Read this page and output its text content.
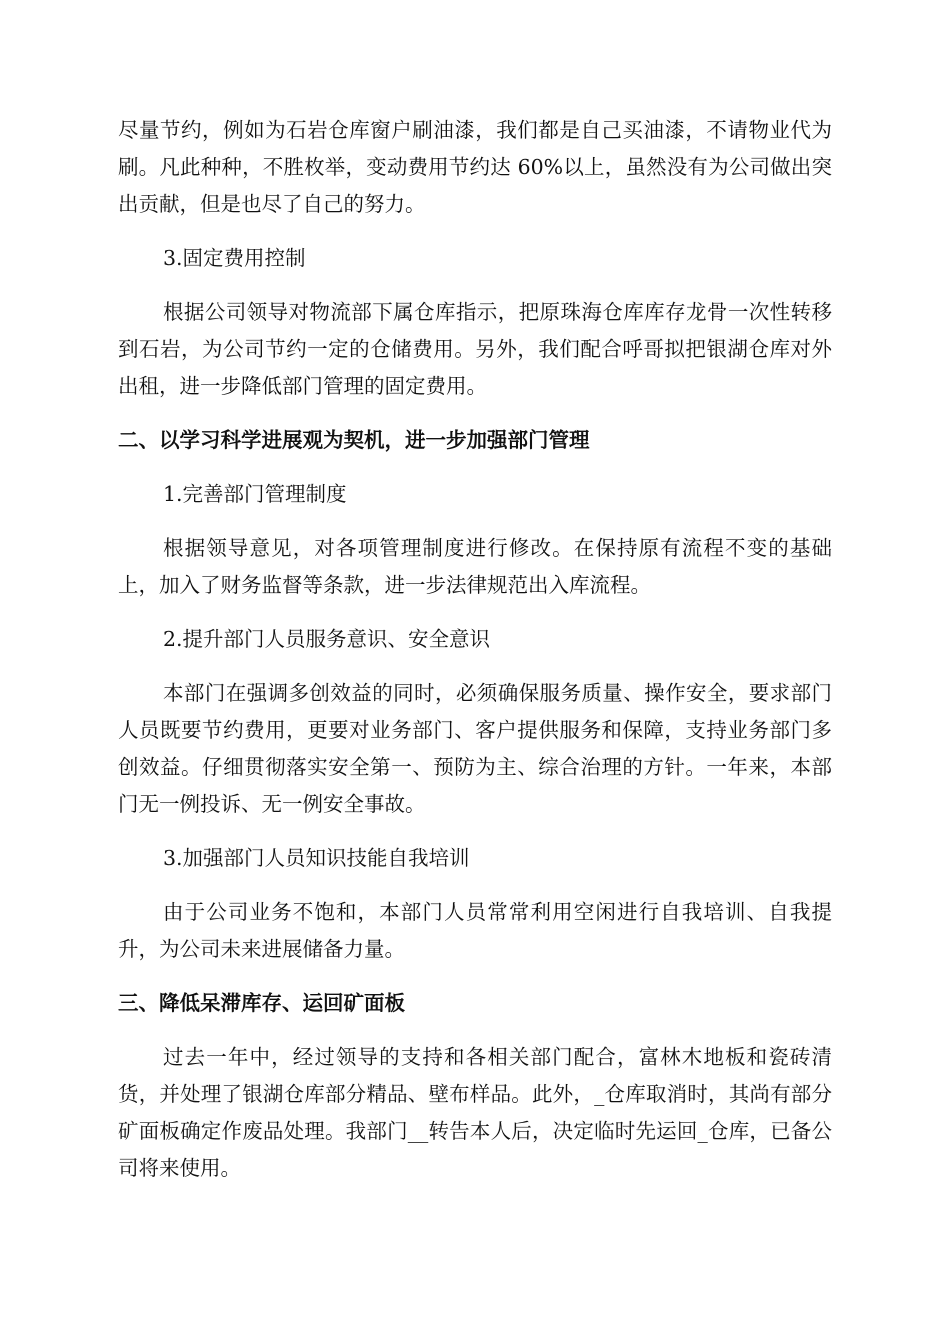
尽量节约，例如为石岩仓库窗户刷油漆，我们都是自己买油漆，不请物业代为刷。凡此种种，不胜枚举，变动费用节约达 60%以上，虽然没有为公司做出突出贡献，但是也尽了自己的努力。

3.固定费用控制

根据公司领导对物流部下属仓库指示，把原珠海仓库库存龙骨一次性转移到石岩，为公司节约一定的仓储费用。另外，我们配合呼哥拟把银湖仓库对外出租，进一步降低部门管理的固定费用。

二、以学习科学进展观为契机，进一步加强部门管理

1.完善部门管理制度

根据领导意见，对各项管理制度进行修改。在保持原有流程不变的基础上，加入了财务监督等条款，进一步法律规范出入库流程。

2.提升部门人员服务意识、安全意识

本部门在强调多创效益的同时，必须确保服务质量、操作安全，要求部门人员既要节约费用，更要对业务部门、客户提供服务和保障，支持业务部门多创效益。仔细贯彻落实安全第一、预防为主、综合治理的方针。一年来，本部门无一例投诉、无一例安全事故。

3.加强部门人员知识技能自我培训

由于公司业务不饱和，本部门人员常常利用空闲进行自我培训、自我提升，为公司未来进展储备力量。

三、降低呆滞库存、运回矿面板

过去一年中，经过领导的支持和各相关部门配合，富林木地板和瓷砖清货，并处理了银湖仓库部分精品、壁布样品。此外，_仓库取消时，其尚有部分矿面板确定作废品处理。我部门__转告本人后，决定临时先运回_仓库，已备公司将来使用。
